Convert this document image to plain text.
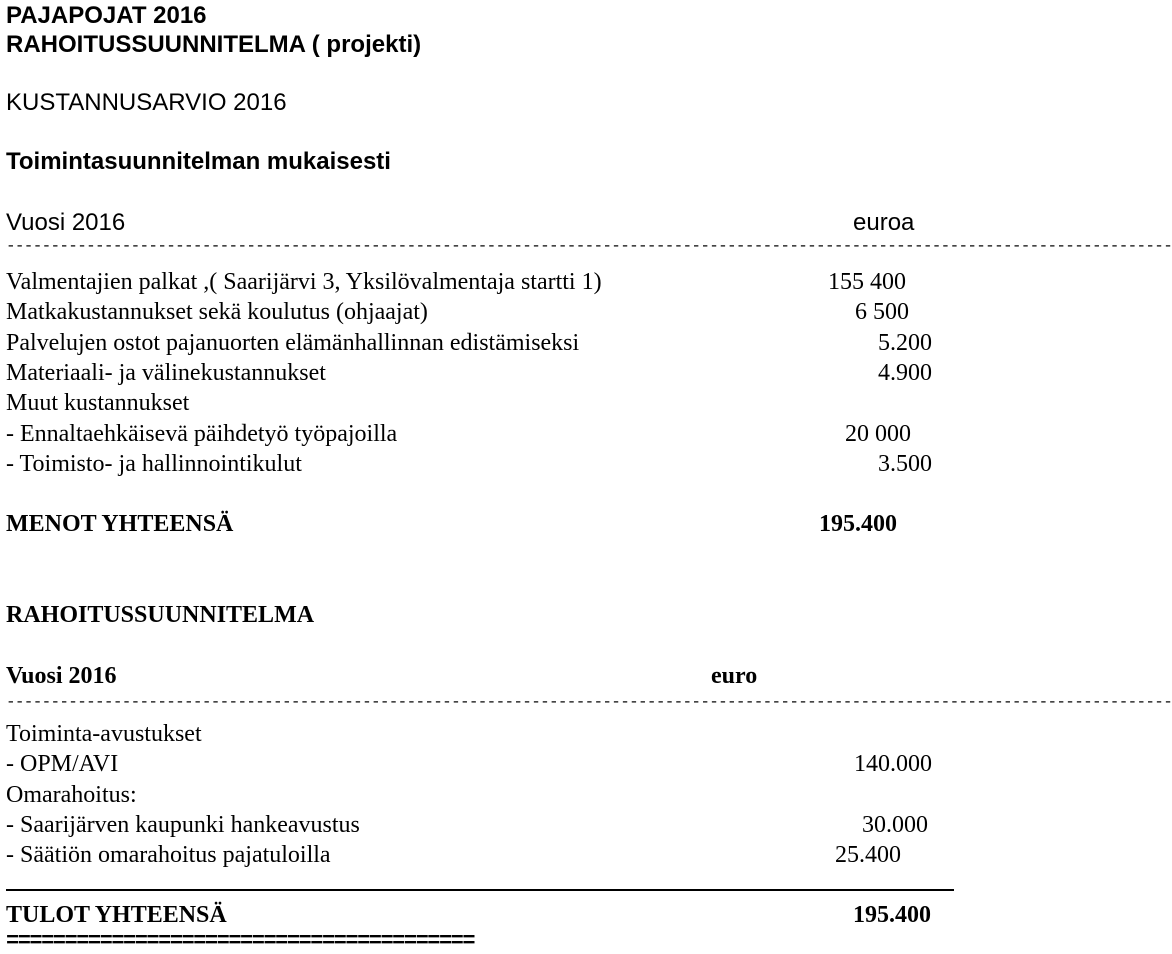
PAJAPOJAT 2016
RAHOITUSSUUNNITELMA ( projekti)
KUSTANNUSARVIO 2016
Toimintasuunnitelman mukaisesti
Vuosi 2016	euroa
-----------------------------------------------------------------------------------------------------------------------------------
Valmentajien palkat ,( Saarijärvi 3, Yksilövalmentaja startti 1)	155 400
Matkakustannukset sekä koulutus (ohjaajat)	6 500
Palvelujen ostot pajanuorten elämänhallinnan edistämiseksi	5.200
Materiaali- ja välinekustannukset	4.900
Muut kustannukset
- Ennaltaehkäisevä päihdetyö työpajoilla	20 000
- Toimisto- ja hallinnointikulut	3.500
MENOT YHTEENSÄ	195.400
RAHOITUSSUUNNITELMA
Vuosi 2016	euro
-----------------------------------------------------------------------------------------------------------------------------------
Toiminta-avustukset
- OPM/AVI	140.000
Omarahoitus:
- Saarijärven kaupunki hankeavustus	30.000
- Säätiön omarahoitus pajatuloilla	25.400
TULOT YHTEENSÄ	195.400
========================================
